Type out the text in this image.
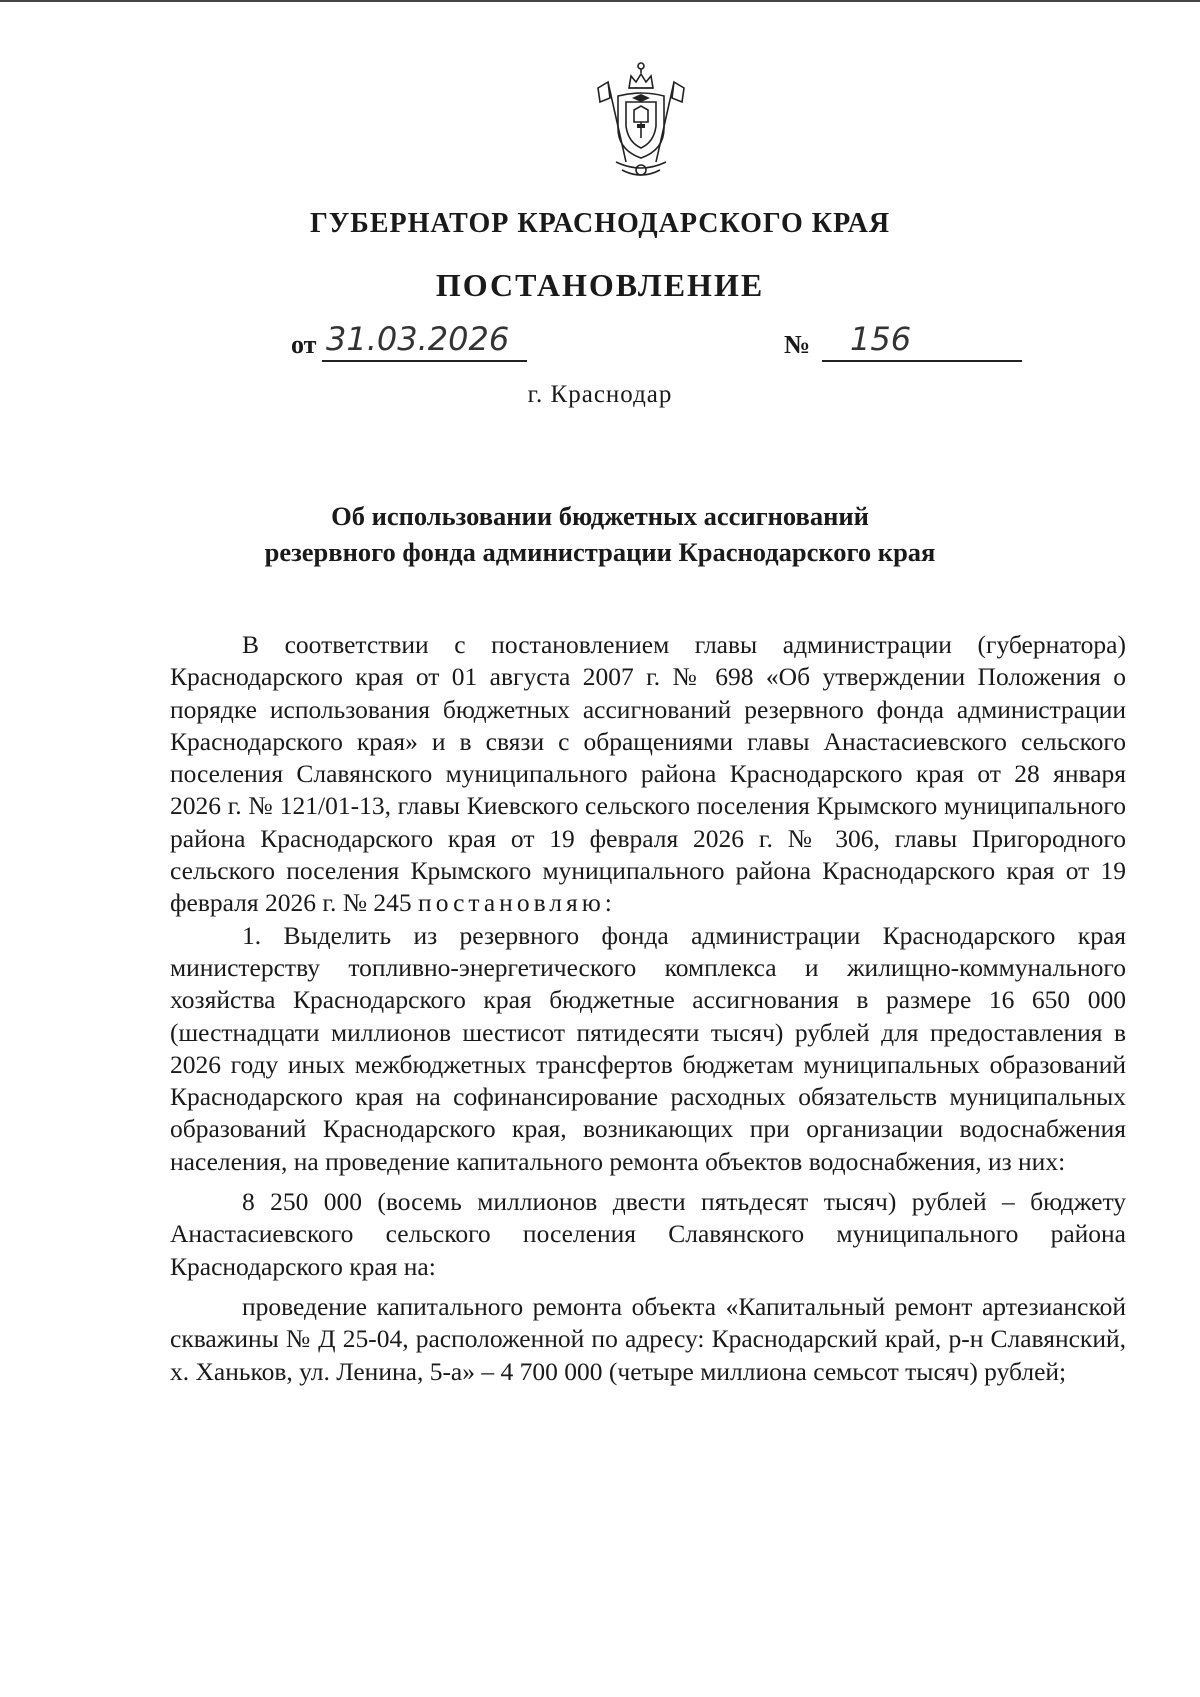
ГУБЕРНАТОР КРАСНОДАРСКОГО КРАЯ
ПОСТАНОВЛЕНИЕ
от 31.03.2026	№ 156
г. Краснодар
Об использовании бюджетных ассигнований
резервного фонда администрации Краснодарского края

В соответствии с постановлением главы администрации (губернатора) Краснодарского края от 01 августа 2007 г. № 698 «Об утверждении Положения о порядке использования бюджетных ассигнований резервного фонда администрации Краснодарского края» и в связи с обращениями главы Анастасиевского сельского поселения Славянского муниципального района Краснодарского края от 28 января 2026 г. № 121/01-13, главы Киевского сельского поселения Крымского муниципального района Краснодарского края от 19 февраля 2026 г. № 306, главы Пригородного сельского поселения Крымского муниципального района Краснодарского края от 19 февраля 2026 г. № 245 постановляю:

1. Выделить из резервного фонда администрации Краснодарского края министерству топливно-энергетического комплекса и жилищно-коммунального хозяйства Краснодарского края бюджетные ассигнования в размере 16 650 000 (шестнадцати миллионов шестисот пятидесяти тысяч) рублей для предоставления в 2026 году иных межбюджетных трансфертов бюджетам муниципальных образований Краснодарского края на софинансирование расходных обязательств муниципальных образований Краснодарского края, возникающих при организации водоснабжения населения, на проведение капитального ремонта объектов водоснабжения, из них:

8 250 000 (восемь миллионов двести пятьдесят тысяч) рублей – бюджету Анастасиевского сельского поселения Славянского муниципального района Краснодарского края на:

проведение капитального ремонта объекта «Капитальный ремонт артезианской скважины № Д 25-04, расположенной по адресу: Краснодарский край, р-н Славянский, х. Ханьков, ул. Ленина, 5-а» – 4 700 000 (четыре миллиона семьсот тысяч) рублей;
